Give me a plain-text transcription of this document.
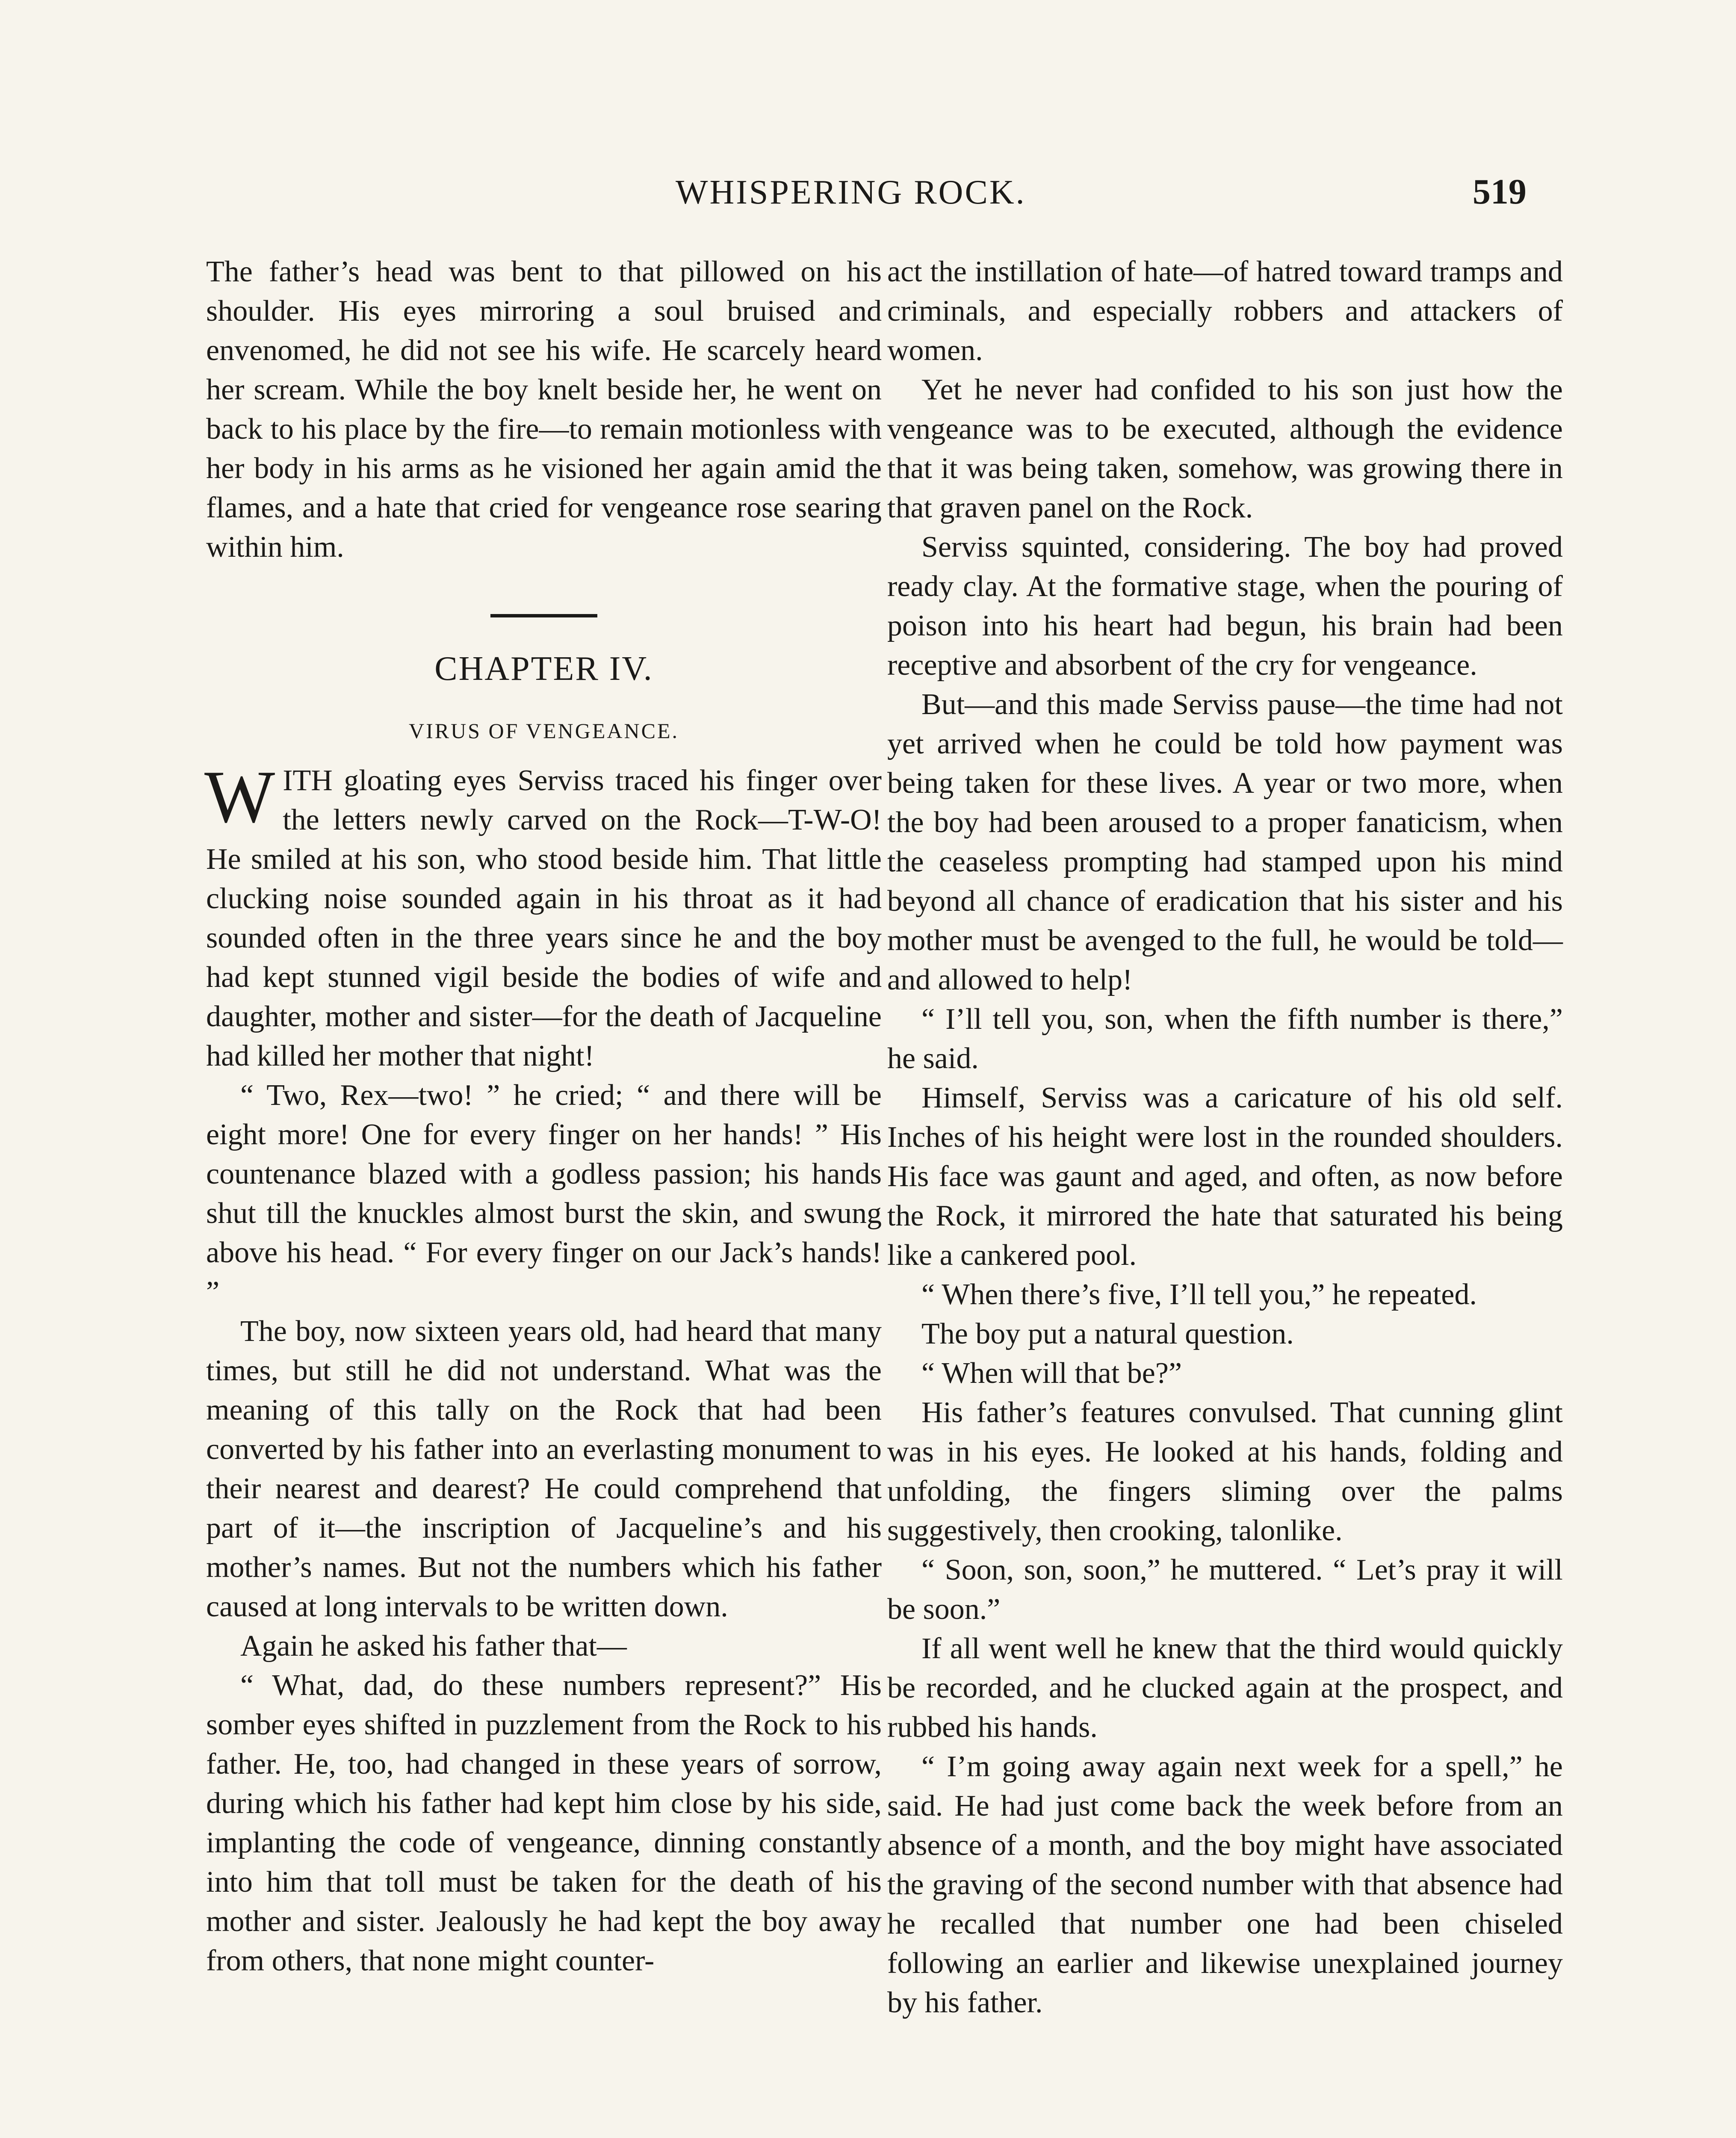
WHISPERING ROCK.	519

The father’s head was bent to that pillowed on his shoulder. His eyes mirroring a soul bruised and envenomed, he did not see his wife. He scarcely heard her scream. While the boy knelt beside her, he went on back to his place by the fire—to remain motionless with her body in his arms as he visioned her again amid the flames, and a hate that cried for vengeance rose searing within him.

CHAPTER IV.
VIRUS OF VENGEANCE.

WITH gloating eyes Serviss traced his finger over the letters newly carved on the Rock—T-W-O! He smiled at his son, who stood beside him. That little clucking noise sounded again in his throat as it had sounded often in the three years since he and the boy had kept stunned vigil beside the bodies of wife and daughter, mother and sister—for the death of Jacqueline had killed her mother that night!

“ Two, Rex—two! ” he cried; “ and there will be eight more! One for every finger on her hands! ” His countenance blazed with a godless passion; his hands shut till the knuckles almost burst the skin, and swung above his head. “ For every finger on our Jack’s hands! ”

The boy, now sixteen years old, had heard that many times, but still he did not understand. What was the meaning of this tally on the Rock that had been converted by his father into an everlasting monument to their nearest and dearest? He could comprehend that part of it—the inscription of Jacqueline’s and his mother’s names. But not the numbers which his father caused at long intervals to be written down.

Again he asked his father that—

“ What, dad, do these numbers represent?” His somber eyes shifted in puzzlement from the Rock to his father. He, too, had changed in these years of sorrow, during which his father had kept him close by his side, implanting the code of vengeance, dinning constantly into him that toll must be taken for the death of his mother and sister. Jealously he had kept the boy away from others, that none might counter-

act the instillation of hate—of hatred toward tramps and criminals, and especially robbers and attackers of women.

Yet he never had confided to his son just how the vengeance was to be executed, although the evidence that it was being taken, somehow, was growing there in that graven panel on the Rock.

Serviss squinted, considering. The boy had proved ready clay. At the formative stage, when the pouring of poison into his heart had begun, his brain had been receptive and absorbent of the cry for vengeance.

But—and this made Serviss pause—the time had not yet arrived when he could be told how payment was being taken for these lives. A year or two more, when the boy had been aroused to a proper fanaticism, when the ceaseless prompting had stamped upon his mind beyond all chance of eradication that his sister and his mother must be avenged to the full, he would be told—and allowed to help!

“ I’ll tell you, son, when the fifth number is there,” he said.

Himself, Serviss was a caricature of his old self. Inches of his height were lost in the rounded shoulders. His face was gaunt and aged, and often, as now before the Rock, it mirrored the hate that saturated his being like a cankered pool.

“ When there’s five, I’ll tell you,” he repeated.

The boy put a natural question.

“ When will that be?”

His father’s features convulsed. That cunning glint was in his eyes. He looked at his hands, folding and unfolding, the fingers sliming over the palms suggestively, then crooking, talonlike.

“ Soon, son, soon,” he muttered. “ Let’s pray it will be soon.”

If all went well he knew that the third would quickly be recorded, and he clucked again at the prospect, and rubbed his hands.

“ I’m going away again next week for a spell,” he said. He had just come back the week before from an absence of a month, and the boy might have associated the graving of the second number with that absence had he recalled that number one had been chiseled following an earlier and likewise unexplained journey by his father.
